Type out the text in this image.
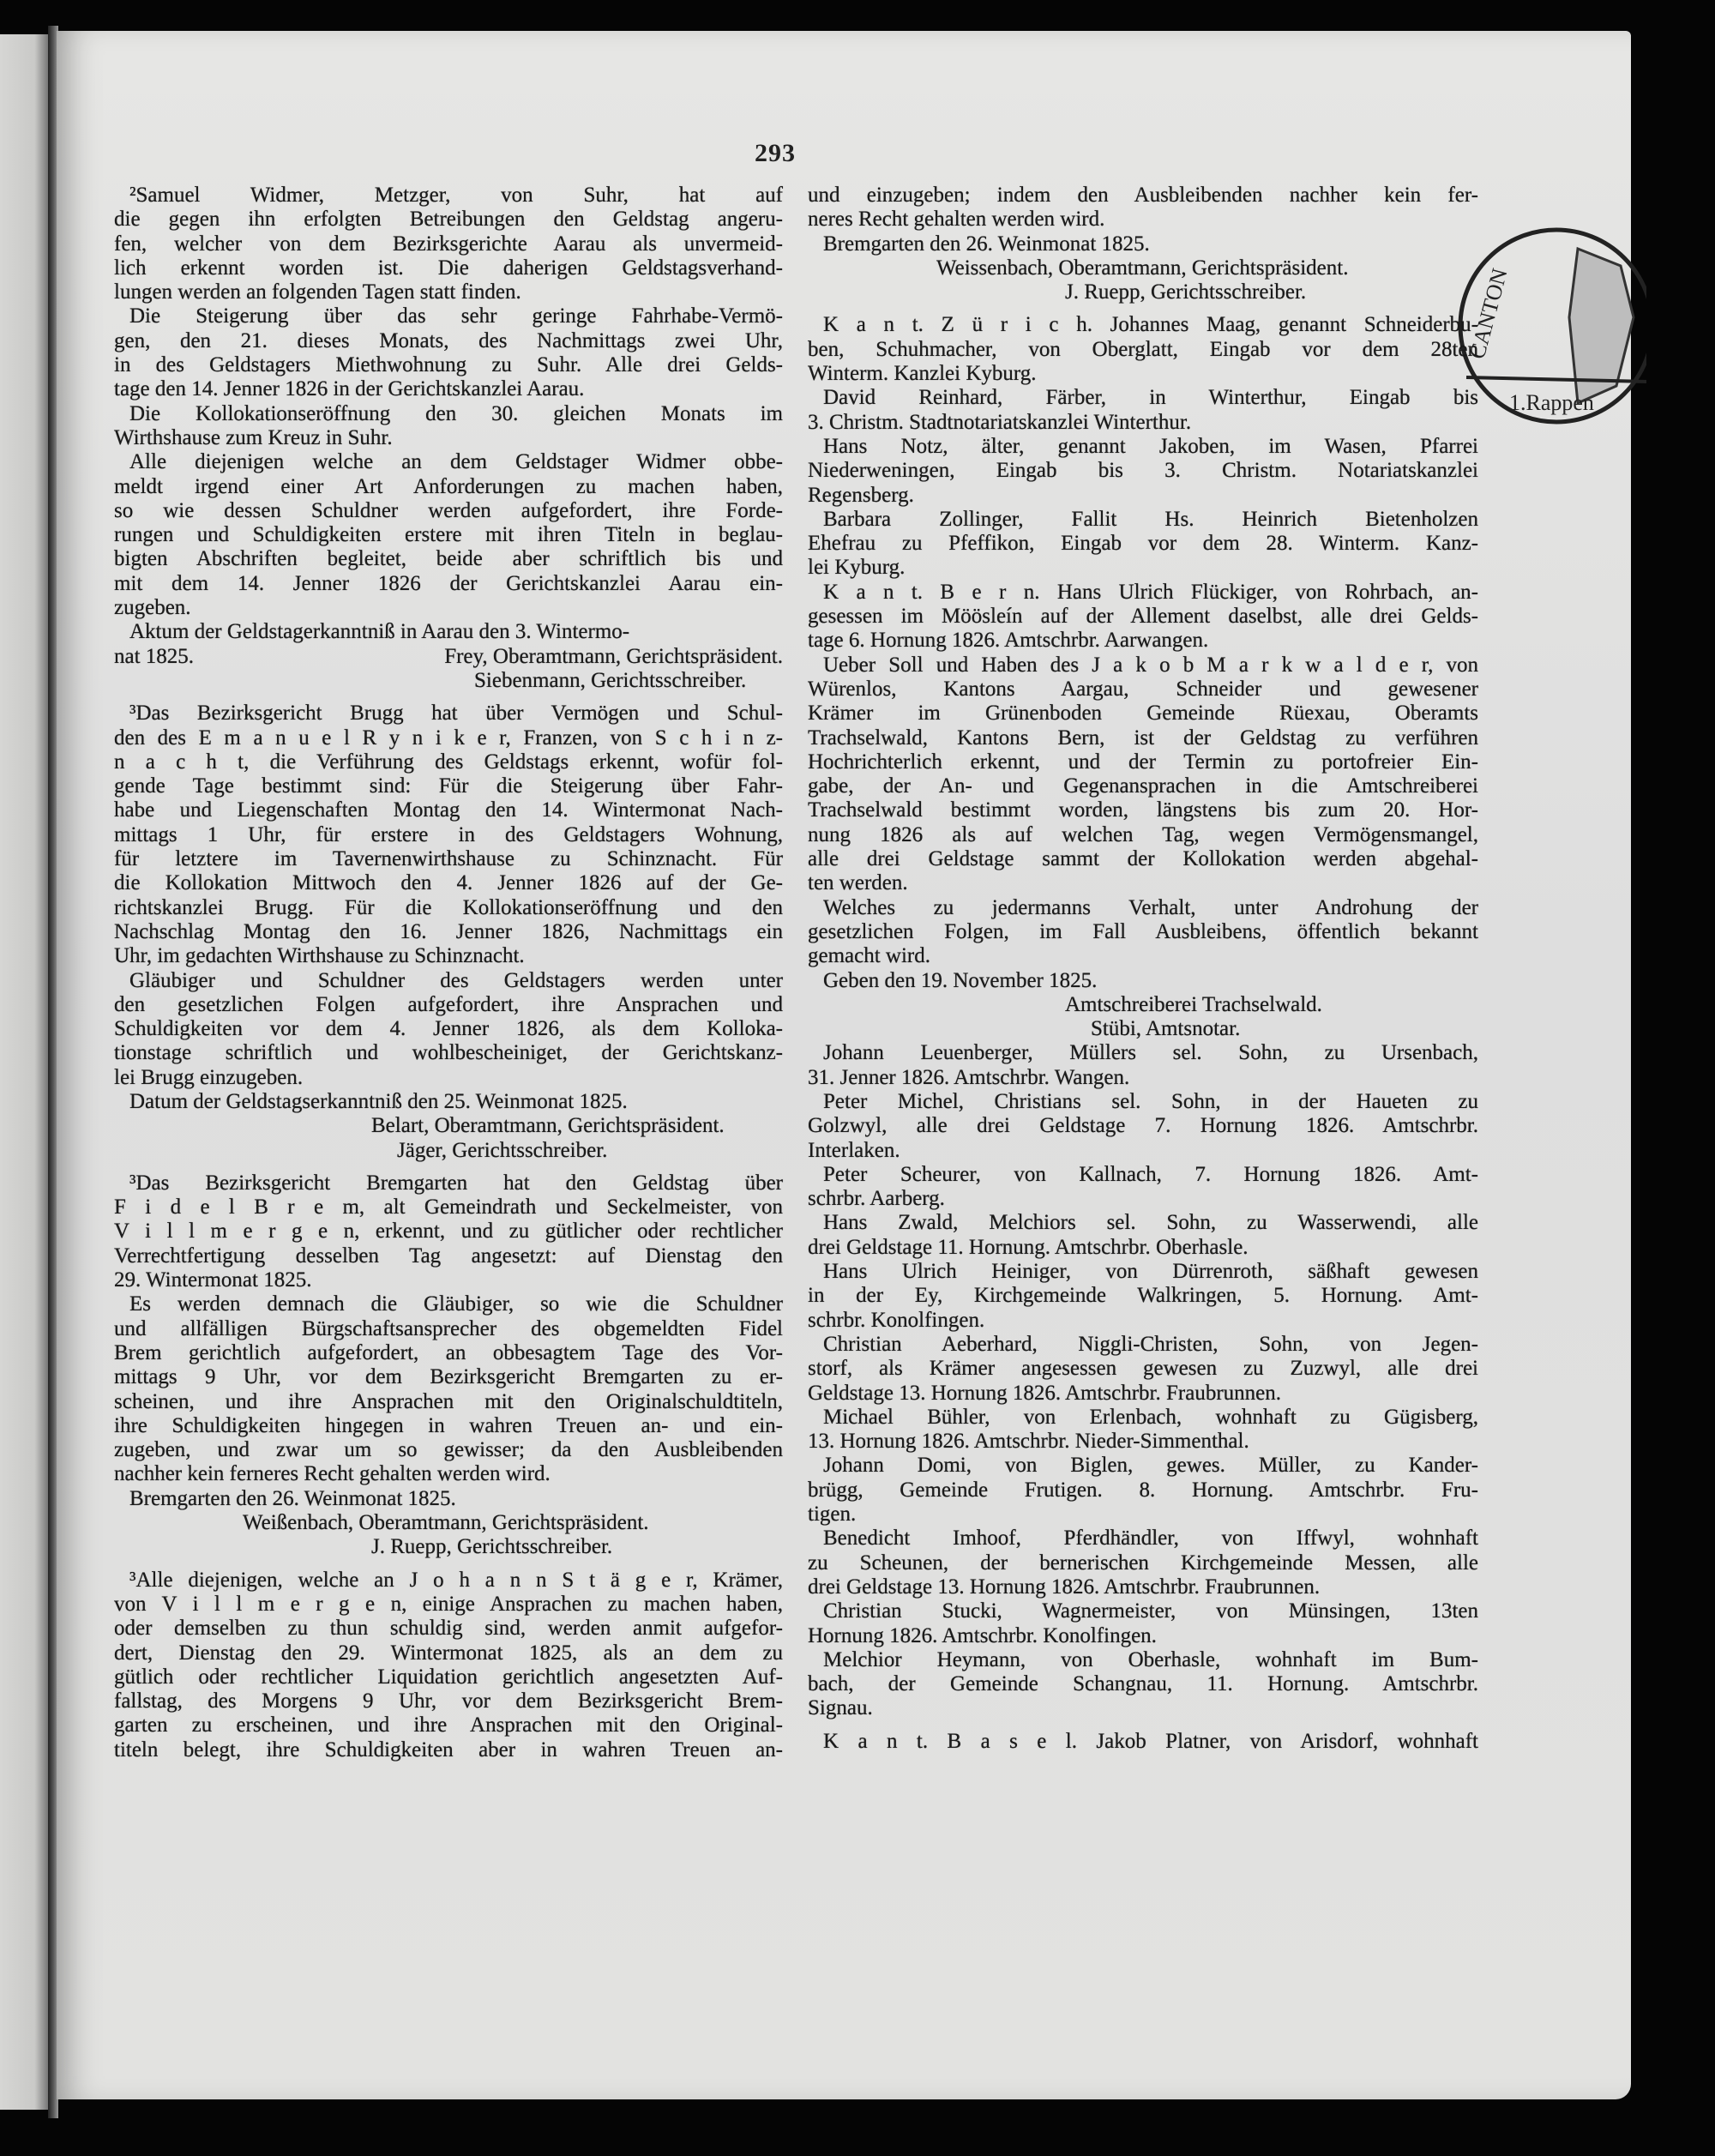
293
CANTON
1.Rappen
²Samuel Widmer, Metzger, von Suhr, hat auf
die gegen ihn erfolgten Betreibungen den Geldstag angeru-
fen, welcher von dem Bezirksgerichte Aarau als unvermeid-
lich erkennt worden ist. Die daherigen Geldstagsverhand-
lungen werden an folgenden Tagen statt finden.
Die Steigerung über das sehr geringe Fahrhabe-Vermö-
gen, den 21. dieses Monats, des Nachmittags zwei Uhr,
in des Geldstagers Miethwohnung zu Suhr. Alle drei Gelds-
tage den 14. Jenner 1826 in der Gerichtskanzlei Aarau.
Die Kollokationseröffnung den 30. gleichen Monats im
Wirthshause zum Kreuz in Suhr.
Alle diejenigen welche an dem Geldstager Widmer obbe-
meldt irgend einer Art Anforderungen zu machen haben,
so wie dessen Schuldner werden aufgefordert, ihre Forde-
rungen und Schuldigkeiten erstere mit ihren Titeln in beglau-
bigten Abschriften begleitet, beide aber schriftlich bis und
mit dem 14. Jenner 1826 der Gerichtskanzlei Aarau ein-
zugeben.
Aktum der Geldstagerkanntniß in Aarau den 3. Wintermo-
nat 1825.	Frey, Oberamtmann, Gerichtspräsident.
Siebenmann, Gerichtsschreiber.
³Das Bezirksgericht Brugg hat über Vermögen und Schul-
den des E m a n u e l R y n i k e r, Franzen, von S c h i n z-
n a c h t, die Verführung des Geldstags erkennt, wofür fol-
gende Tage bestimmt sind: Für die Steigerung über Fahr-
habe und Liegenschaften Montag den 14. Wintermonat Nach-
mittags 1 Uhr, für erstere in des Geldstagers Wohnung,
für letztere im Tavernenwirthshause zu Schinznacht. Für
die Kollokation Mittwoch den 4. Jenner 1826 auf der Ge-
richtskanzlei Brugg. Für die Kollokationseröffnung und den
Nachschlag Montag den 16. Jenner 1826, Nachmittags ein
Uhr, im gedachten Wirthshause zu Schinznacht.
Gläubiger und Schuldner des Geldstagers werden unter
den gesetzlichen Folgen aufgefordert, ihre Ansprachen und
Schuldigkeiten vor dem 4. Jenner 1826, als dem Kolloka-
tionstage schriftlich und wohlbescheiniget, der Gerichtskanz-
lei Brugg einzugeben.
Datum der Geldstagserkanntniß den 25. Weinmonat 1825.
Belart, Oberamtmann, Gerichtspräsident.
Jäger, Gerichtsschreiber.
³Das Bezirksgericht Bremgarten hat den Geldstag über
F i d e l B r e m, alt Gemeindrath und Seckelmeister, von
V i l l m e r g e n, erkennt, und zu gütlicher oder rechtlicher
Verrechtfertigung desselben Tag angesetzt: auf Dienstag den
29. Wintermonat 1825.
Es werden demnach die Gläubiger, so wie die Schuldner
und allfälligen Bürgschaftsansprecher des obgemeldten Fidel
Brem gerichtlich aufgefordert, an obbesagtem Tage des Vor-
mittags 9 Uhr, vor dem Bezirksgericht Bremgarten zu er-
scheinen, und ihre Ansprachen mit den Originalschuldtiteln,
ihre Schuldigkeiten hingegen in wahren Treuen an- und ein-
zugeben, und zwar um so gewisser; da den Ausbleibenden
nachher kein ferneres Recht gehalten werden wird.
Bremgarten den 26. Weinmonat 1825.
Weißenbach, Oberamtmann, Gerichtspräsident.
J. Ruepp, Gerichtsschreiber.
³Alle diejenigen, welche an J o h a n n S t ä g e r, Krämer,
von V i l l m e r g e n, einige Ansprachen zu machen haben,
oder demselben zu thun schuldig sind, werden anmit aufgefor-
dert, Dienstag den 29. Wintermonat 1825, als an dem zu
gütlich oder rechtlicher Liquidation gerichtlich angesetzten Auf-
fallstag, des Morgens 9 Uhr, vor dem Bezirksgericht Brem-
garten zu erscheinen, und ihre Ansprachen mit den Original-
titeln belegt, ihre Schuldigkeiten aber in wahren Treuen an-
und einzugeben; indem den Ausbleibenden nachher kein fer-
neres Recht gehalten werden wird.
Bremgarten den 26. Weinmonat 1825.
Weissenbach, Oberamtmann, Gerichtspräsident.
J. Ruepp, Gerichtsschreiber.
K a n t. Z ü r i c h. Johannes Maag, genannt Schneiderbu-
ben, Schuhmacher, von Oberglatt, Eingab vor dem 28ten
Winterm. Kanzlei Kyburg.
David Reinhard, Färber, in Winterthur, Eingab bis
3. Christm. Stadtnotariatskanzlei Winterthur.
Hans Notz, älter, genannt Jakoben, im Wasen, Pfarrei
Niederweningen, Eingab bis 3. Christm. Notariatskanzlei
Regensberg.
Barbara Zollinger, Fallit Hs. Heinrich Bietenholzen
Ehefrau zu Pfeffikon, Eingab vor dem 28. Winterm. Kanz-
lei Kyburg.
K a n t. B e r n. Hans Ulrich Flückiger, von Rohrbach, an-
gesessen im Möösleín auf der Allement daselbst, alle drei Gelds-
tage 6. Hornung 1826. Amtschrbr. Aarwangen.
Ueber Soll und Haben des J a k o b M a r k w a l d e r, von
Würenlos, Kantons Aargau, Schneider und gewesener
Krämer im Grünenboden Gemeinde Rüexau, Oberamts
Trachselwald, Kantons Bern, ist der Geldstag zu verführen
Hochrichterlich erkennt, und der Termin zu portofreier Ein-
gabe, der An- und Gegenansprachen in die Amtschreiberei
Trachselwald bestimmt worden, längstens bis zum 20. Hor-
nung 1826 als auf welchen Tag, wegen Vermögensmangel,
alle drei Geldstage sammt der Kollokation werden abgehal-
ten werden.
Welches zu jedermanns Verhalt, unter Androhung der
gesetzlichen Folgen, im Fall Ausbleibens, öffentlich bekannt
gemacht wird.
Geben den 19. November 1825.
Amtschreiberei Trachselwald.
Stübi, Amtsnotar.
Johann Leuenberger, Müllers sel. Sohn, zu Ursenbach,
31. Jenner 1826. Amtschrbr. Wangen.
Peter Michel, Christians sel. Sohn, in der Haueten zu
Golzwyl, alle drei Geldstage 7. Hornung 1826. Amtschrbr.
Interlaken.
Peter Scheurer, von Kallnach, 7. Hornung 1826. Amt-
schrbr. Aarberg.
Hans Zwald, Melchiors sel. Sohn, zu Wasserwendi, alle
drei Geldstage 11. Hornung. Amtschrbr. Oberhasle.
Hans Ulrich Heiniger, von Dürrenroth, säßhaft gewesen
in der Ey, Kirchgemeinde Walkringen, 5. Hornung. Amt-
schrbr. Konolfingen.
Christian Aeberhard, Niggli-Christen, Sohn, von Jegen-
storf, als Krämer angesessen gewesen zu Zuzwyl, alle drei
Geldstage 13. Hornung 1826. Amtschrbr. Fraubrunnen.
Michael Bühler, von Erlenbach, wohnhaft zu Gügisberg,
13. Hornung 1826. Amtschrbr. Nieder-Simmenthal.
Johann Domi, von Biglen, gewes. Müller, zu Kander-
brügg, Gemeinde Frutigen. 8. Hornung. Amtschrbr. Fru-
tigen.
Benedicht Imhoof, Pferdhändler, von Iffwyl, wohnhaft
zu Scheunen, der bernerischen Kirchgemeinde Messen, alle
drei Geldstage 13. Hornung 1826. Amtschrbr. Fraubrunnen.
Christian Stucki, Wagnermeister, von Münsingen, 13ten
Hornung 1826. Amtschrbr. Konolfingen.
Melchior Heymann, von Oberhasle, wohnhaft im Bum-
bach, der Gemeinde Schangnau, 11. Hornung. Amtschrbr.
Signau.
K a n t. B a s e l. Jakob Platner, von Arisdorf, wohnhaft
